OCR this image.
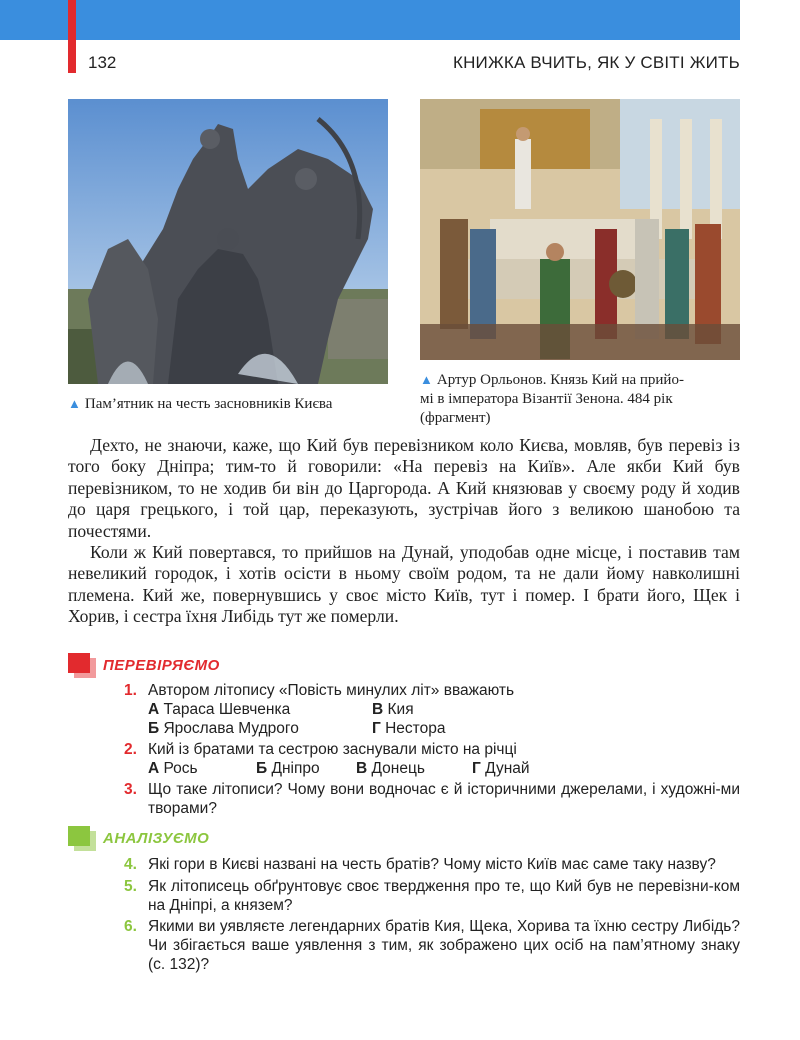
132	КНИЖКА ВЧИТЬ, ЯК У СВІТІ ЖИТЬ
▲ Пам’ятник на честь засновників Києва
▲ Артур Орльонов. Князь Кий на прийо-
мі в імператора Візантії Зенона. 484 рік
(фрагмент)

Дехто, не знаючи, каже, що Кий був перевізником коло Києва, мовляв, був перевіз із того боку Дніпра; тим-то й говорили: «На перевіз на Київ». Але якби Кий був перевізником, то не ходив би він до Царгорода. А Кий князював у своєму роду й ходив до царя грецького, і той цар, переказують, зустрічав його з великою шанобою та почестями.

Коли ж Кий повертався, то прийшов на Дунай, уподобав одне місце, і поставив там невеликий городок, і хотів осісти в ньому своїм родом, та не дали йому навколишні племена. Кий же, повернувшись у своє місто Київ, тут і помер. І брати його, Щек і Хорив, і сестра їхня Либідь тут же померли.

ПЕРЕВІРЯЄМО
1. Автором літопису «Повість минулих літ» вважають
А Тараса Шевченка	В Кия
Б Ярослава Мудрого	Г Нестора
2. Кий із братами та сестрою заснували місто на річці
А Рось	Б Дніпро В Донець	Г Дунай
3. Що таке літописи? Чому вони водночас є й історичними джерелами, і художні-ми творами?
АНАЛІЗУЄМО
4. Які гори в Києві названі на честь братів? Чому місто Київ має саме таку назву?
5. Як літописець обґрунтовує своє твердження про те, що Кий був не перевізни-ком на Дніпрі, а князем?
6. Якими ви уявляєте легендарних братів Кия, Щека, Хорива та їхню сестру Либідь? Чи збігається ваше уявлення з тим, як зображено цих осіб на пам’ятному знаку (с. 132)?
